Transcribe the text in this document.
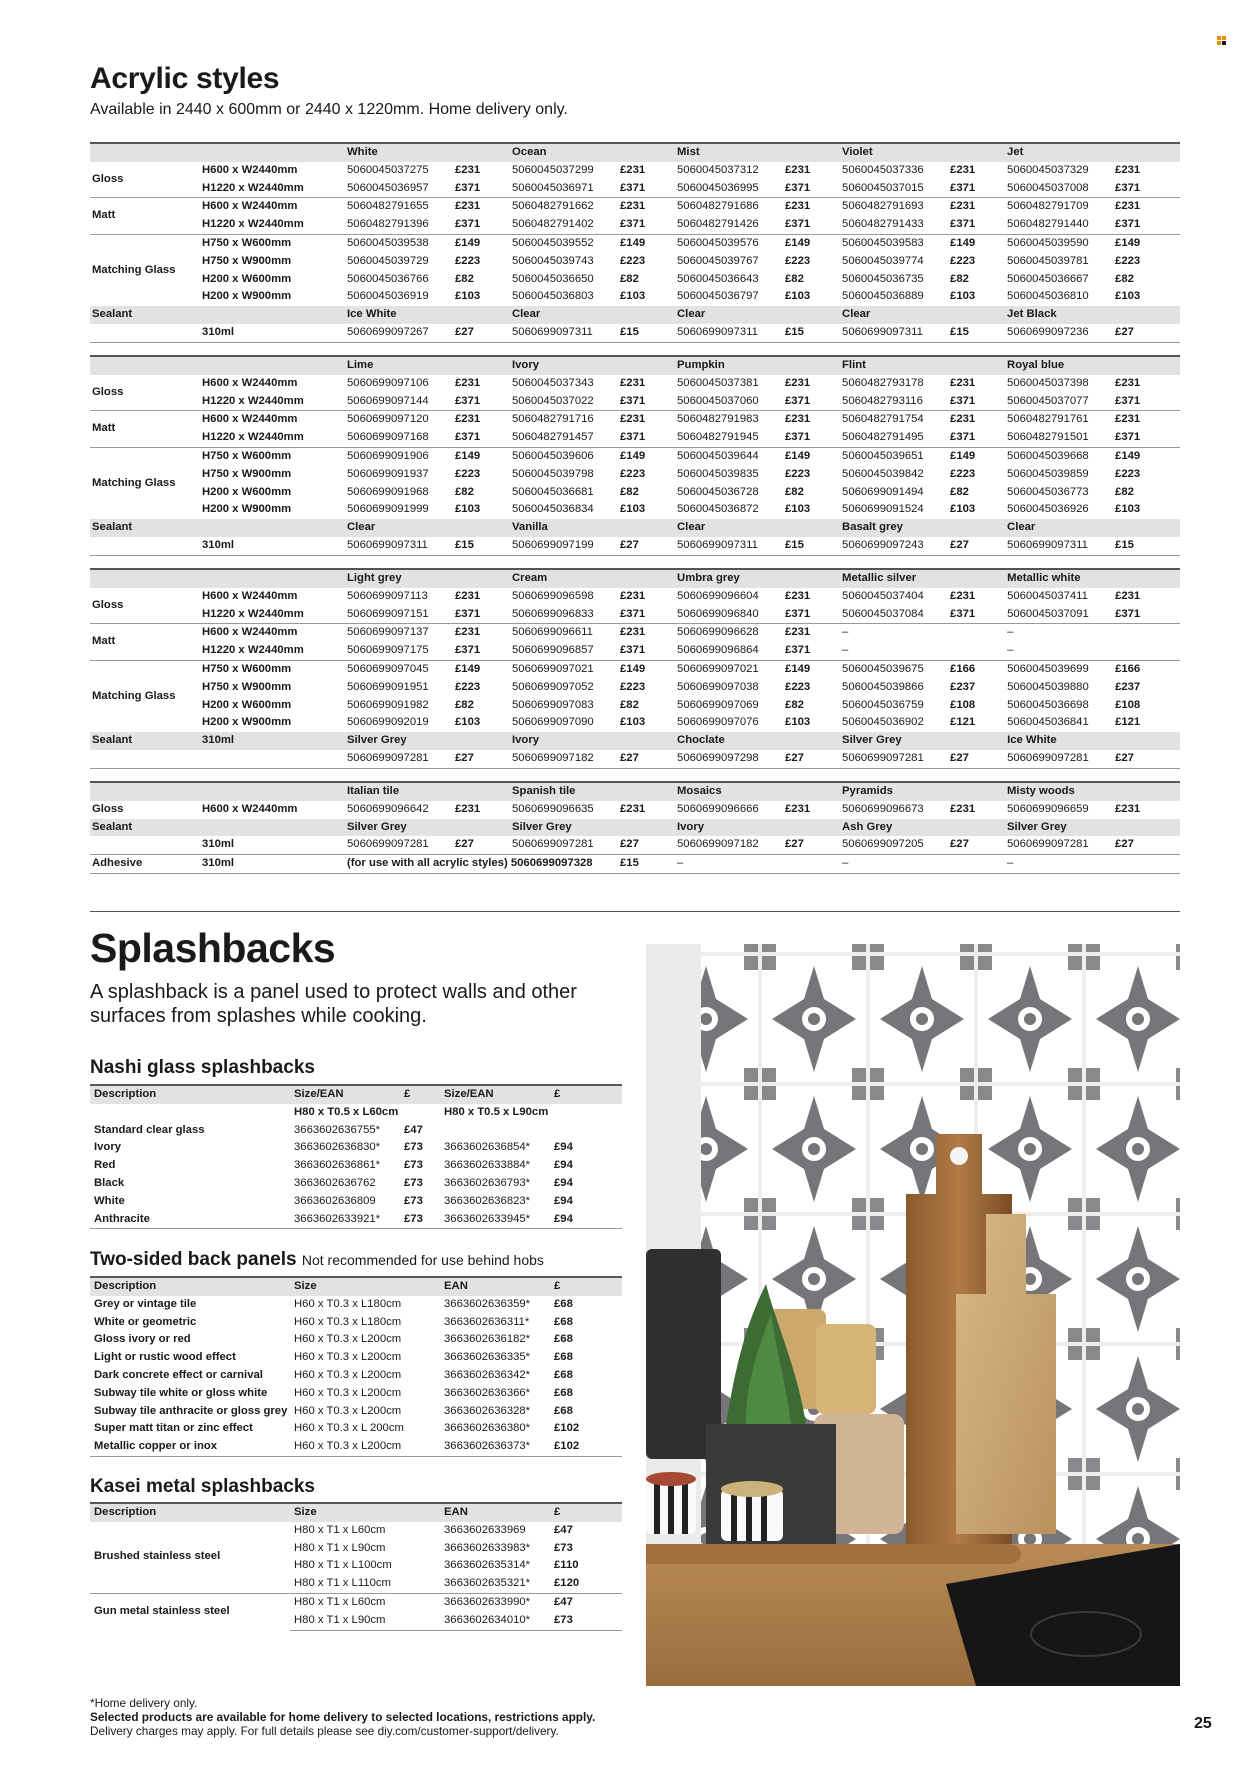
Acrylic styles
Available in 2440 x 600mm or 2440 x 1220mm. Home delivery only.
		White		Ocean		Mist		Violet		Jet	
Gloss	H600 x W2440mm	5060045037275	£231	5060045037299	£231	5060045037312	£231	5060045037336	£231	5060045037329	£231
	H1220 x W2440mm	5060045036957	£371	5060045036971	£371	5060045036995	£371	5060045037015	£371	5060045037008	£371
Matt	H600 x W2440mm	5060482791655	£231	5060482791662	£231	5060482791686	£231	5060482791693	£231	5060482791709	£231
	H1220 x W2440mm	5060482791396	£371	5060482791402	£371	5060482791426	£371	5060482791433	£371	5060482791440	£371
Matching Glass	H750 x W600mm	5060045039538	£149	5060045039552	£149	5060045039576	£149	5060045039583	£149	5060045039590	£149
	H750 x W900mm	5060045039729	£223	5060045039743	£223	5060045039767	£223	5060045039774	£223	5060045039781	£223
	H200 x W600mm	5060045036766	£82	5060045036650	£82	5060045036643	£82	5060045036735	£82	5060045036667	£82
	H200 x W900mm	5060045036919	£103	5060045036803	£103	5060045036797	£103	5060045036889	£103	5060045036810	£103
Sealant		Ice White		Clear		Clear		Clear		Jet Black	
	310ml	5060699097267	£27	5060699097311	£15	5060699097311	£15	5060699097311	£15	5060699097236	£27
		Lime		Ivory		Pumpkin		Flint		Royal blue	
Gloss	H600 x W2440mm	5060699097106	£231	5060045037343	£231	5060045037381	£231	5060482793178	£231	5060045037398	£231
	H1220 x W2440mm	5060699097144	£371	5060045037022	£371	5060045037060	£371	5060482793116	£371	5060045037077	£371
Matt	H600 x W2440mm	5060699097120	£231	5060482791716	£231	5060482791983	£231	5060482791754	£231	5060482791761	£231
	H1220 x W2440mm	5060699097168	£371	5060482791457	£371	5060482791945	£371	5060482791495	£371	5060482791501	£371
Matching Glass	H750 x W600mm	5060699091906	£149	5060045039606	£149	5060045039644	£149	5060045039651	£149	5060045039668	£149
	H750 x W900mm	5060699091937	£223	5060045039798	£223	5060045039835	£223	5060045039842	£223	5060045039859	£223
	H200 x W600mm	5060699091968	£82	5060045036681	£82	5060045036728	£82	5060699091494	£82	5060045036773	£82
	H200 x W900mm	5060699091999	£103	5060045036834	£103	5060045036872	£103	5060699091524	£103	5060045036926	£103
Sealant		Clear		Vanilla		Clear		Basalt grey		Clear	
	310ml	5060699097311	£15	5060699097199	£27	5060699097311	£15	5060699097243	£27	5060699097311	£15
		Light grey		Cream		Umbra grey		Metallic silver		Metallic white	
Gloss	H600 x W2440mm	5060699097113	£231	5060699096598	£231	5060699096604	£231	5060045037404	£231	5060045037411	£231
	H1220 x W2440mm	5060699097151	£371	5060699096833	£371	5060699096840	£371	5060045037084	£371	5060045037091	£371
Matt	H600 x W2440mm	5060699097137	£231	5060699096611	£231	5060699096628	£231	–		–	
	H1220 x W2440mm	5060699097175	£371	5060699096857	£371	5060699096864	£371	–		–	
Matching Glass	H750 x W600mm	5060699097045	£149	5060699097021	£149	5060699097021	£149	5060045039675	£166	5060045039699	£166
	H750 x W900mm	5060699091951	£223	5060699097052	£223	5060699097038	£223	5060045039866	£237	5060045039880	£237
	H200 x W600mm	5060699091982	£82	5060699097083	£82	5060699097069	£82	5060045036759	£108	5060045036698	£108
	H200 x W900mm	5060699092019	£103	5060699097090	£103	5060699097076	£103	5060045036902	£121	5060045036841	£121
Sealant	310ml	Silver Grey		Ivory		Choclate		Silver Grey		Ice White	
		5060699097281	£27	5060699097182	£27	5060699097298	£27	5060699097281	£27	5060699097281	£27
		Italian tile		Spanish tile		Mosaics		Pyramids		Misty woods	
Gloss	H600 x W2440mm	5060699096642	£231	5060699096635	£231	5060699096666	£231	5060699096673	£231	5060699096659	£231
Sealant		Silver Grey		Silver Grey		Ivory		Ash Grey		Silver Grey	
	310ml	5060699097281	£27	5060699097281	£27	5060699097182	£27	5060699097205	£27	5060699097281	£27
Adhesive	310ml	(for use with all acrylic styles) 5060699097328			£15	–		–		–	
Splashbacks
A splashback is a panel used to protect walls and other surfaces from splashes while cooking.
Nashi glass splashbacks
Description	Size/EAN	£	Size/EAN	£
	H80 x T0.5 x L60cm		H80 x T0.5 x L90cm	
Standard clear glass	3663602636755*	£47		
Ivory	3663602636830*	£73	3663602636854*	£94
Red	3663602636861*	£73	3663602633884*	£94
Black	3663602636762	£73	3663602636793*	£94
White	3663602636809	£73	3663602636823*	£94
Anthracite	3663602633921*	£73	3663602633945*	£94
Two-sided back panels Not recommended for use behind hobs
Description	Size	EAN	£
Grey or vintage tile	H60 x T0.3 x L180cm	3663602636359*	£68
White or geometric	H60 x T0.3 x L180cm	3663602636311*	£68
Gloss ivory or red	H60 x T0.3 x L200cm	3663602636182*	£68
Light or rustic wood effect	H60 x T0.3 x L200cm	3663602636335*	£68
Dark concrete effect or carnival	H60 x T0.3 x L200cm	3663602636342*	£68
Subway tile white or gloss white	H60 x T0.3 x L200cm	3663602636366*	£68
Subway tile anthracite or gloss grey	H60 x T0.3 x L200cm	3663602636328*	£68
Super matt titan or zinc effect	H60 x T0.3 x L 200cm	3663602636380*	£102
Metallic copper or inox	H60 x T0.3 x L200cm	3663602636373*	£102
Kasei metal splashbacks
Description	Size	EAN	£
Brushed stainless steel	H80 x T1 x L60cm	3663602633969	£47
	H80 x T1 x L90cm	3663602633983*	£73
	H80 x T1 x L100cm	3663602635314*	£110
	H80 x T1 x L110cm	3663602635321*	£120
Gun metal stainless steel	H80 x T1 x L60cm	3663602633990*	£47
	H80 x T1 x L90cm	3663602634010*	£73
*Home delivery only.
Selected products are available for home delivery to selected locations, restrictions apply.
Delivery charges may apply. For full details please see diy.com/customer-support/delivery.	25
